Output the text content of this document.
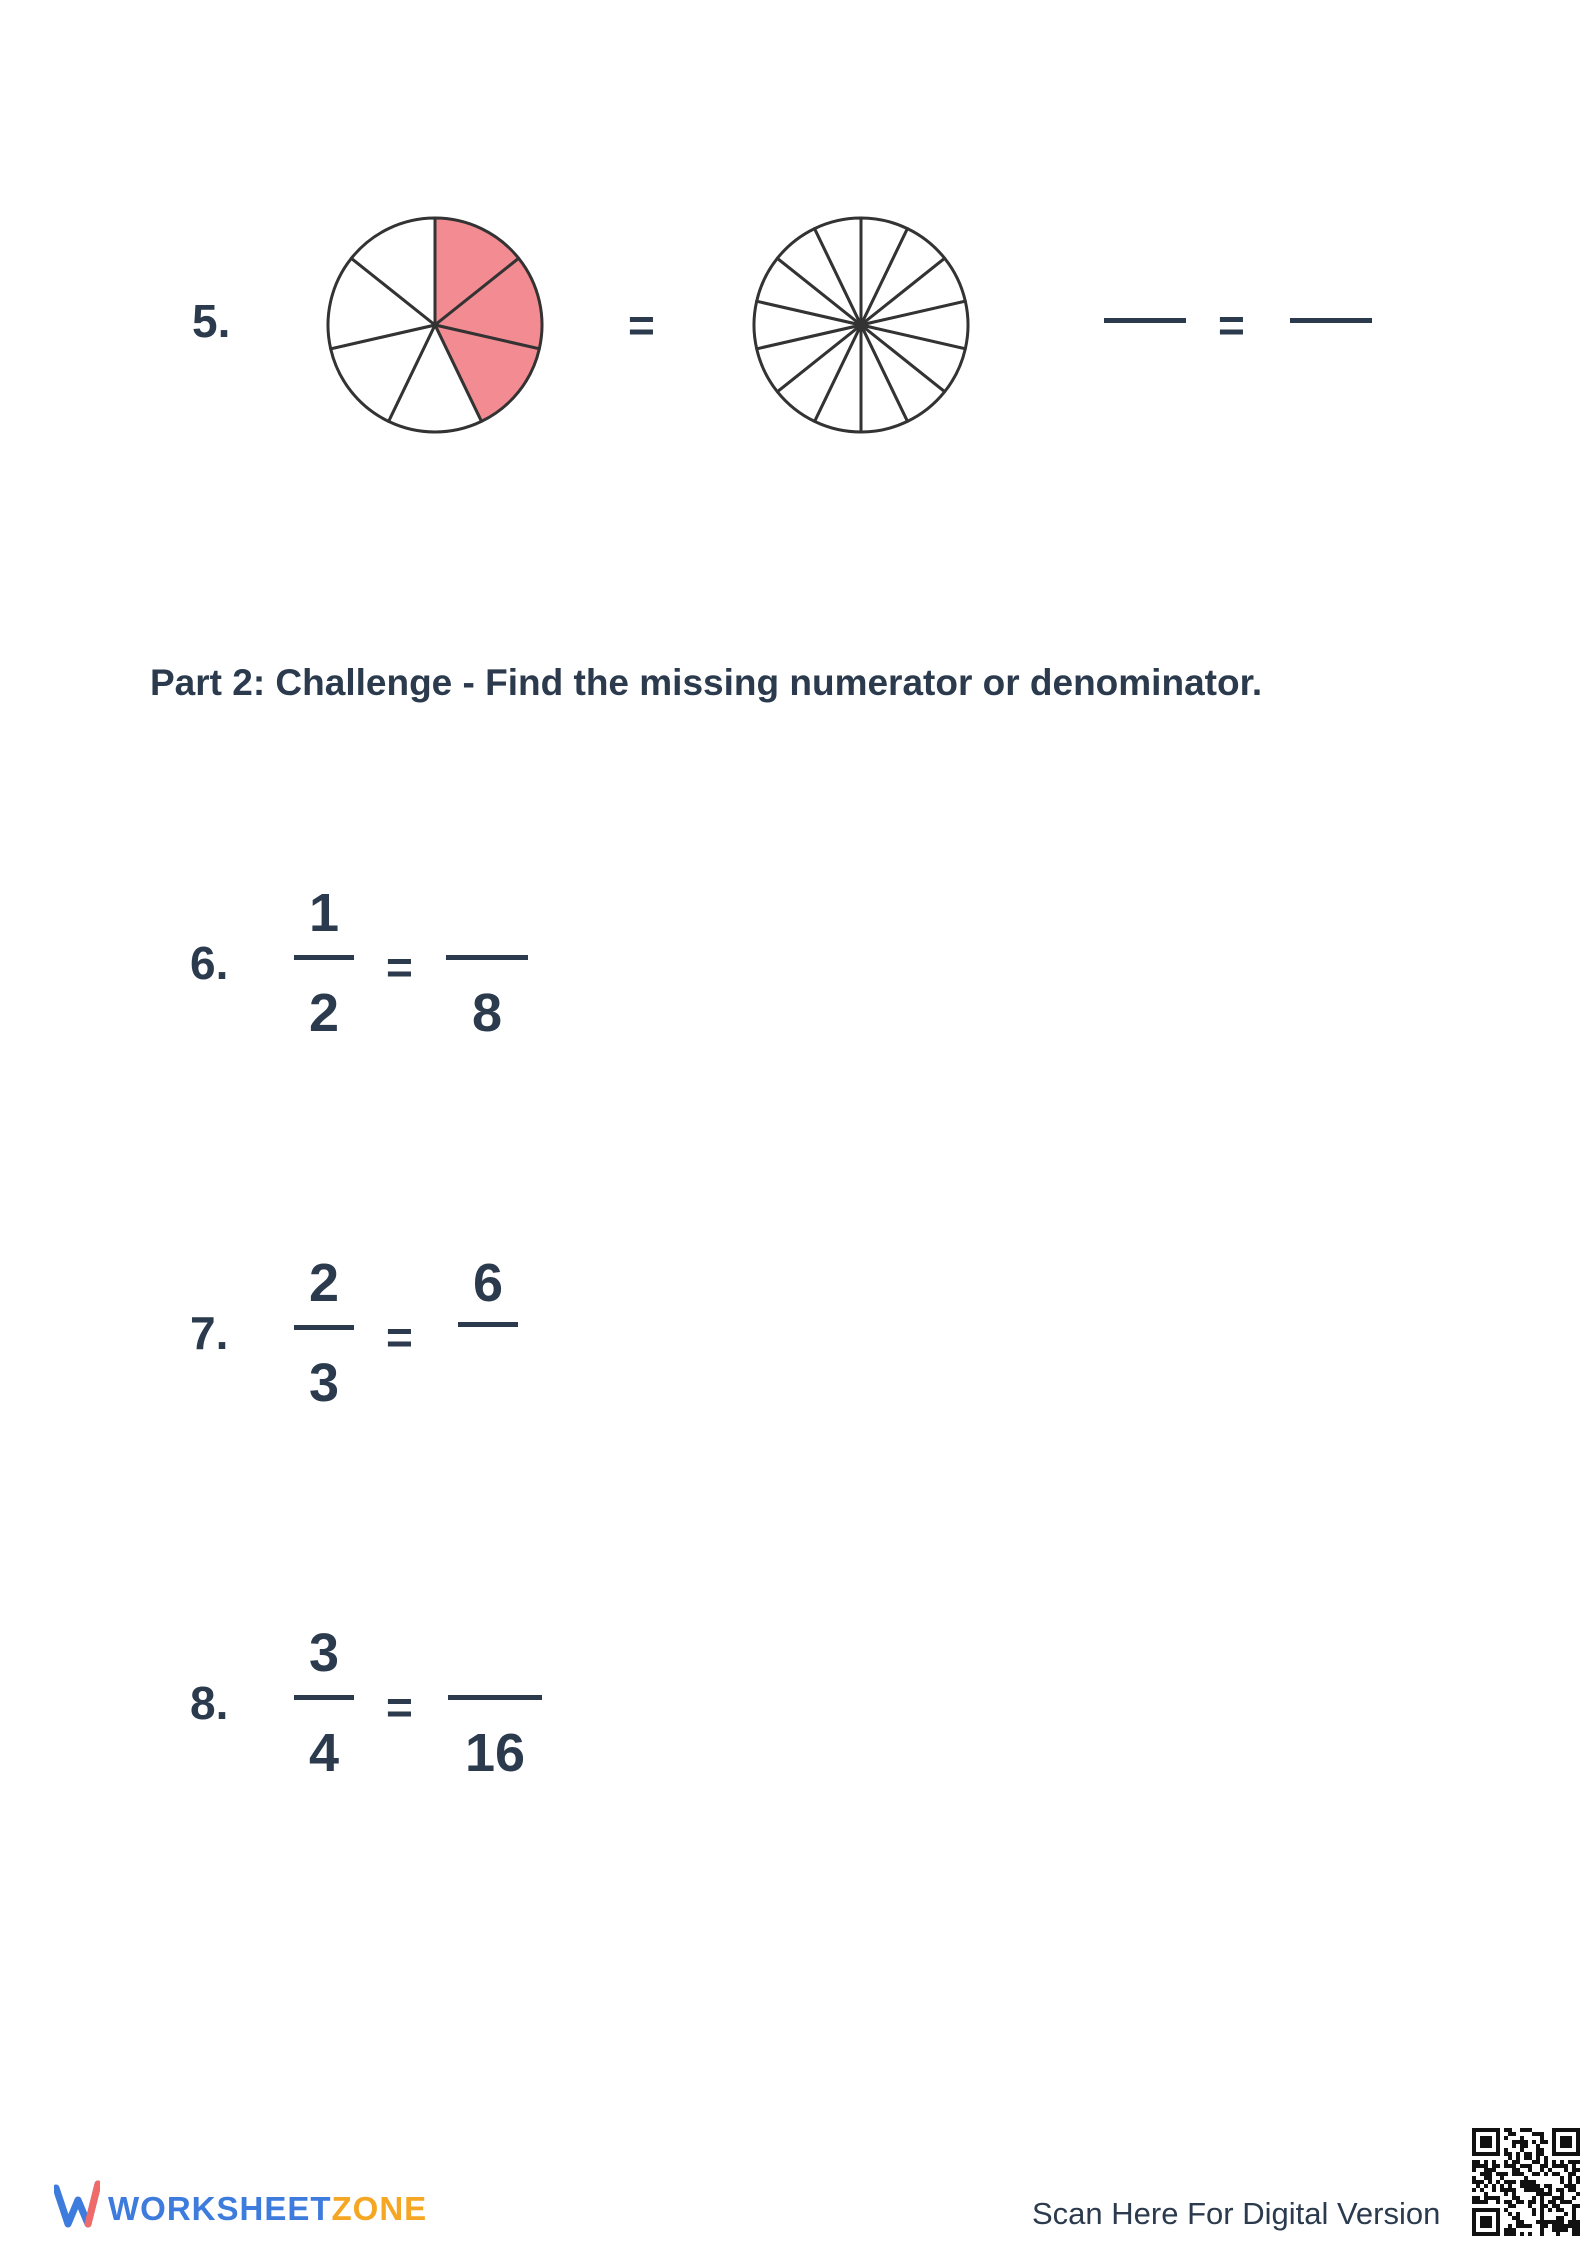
5.	=	=
Part 2: Challenge - Find the missing numerator or denominator.
6.
1
2
=
8
7.
2
3
=
6
8.
3
4
=
16
WORKSHEETZONE	Scan Here For Digital Version
